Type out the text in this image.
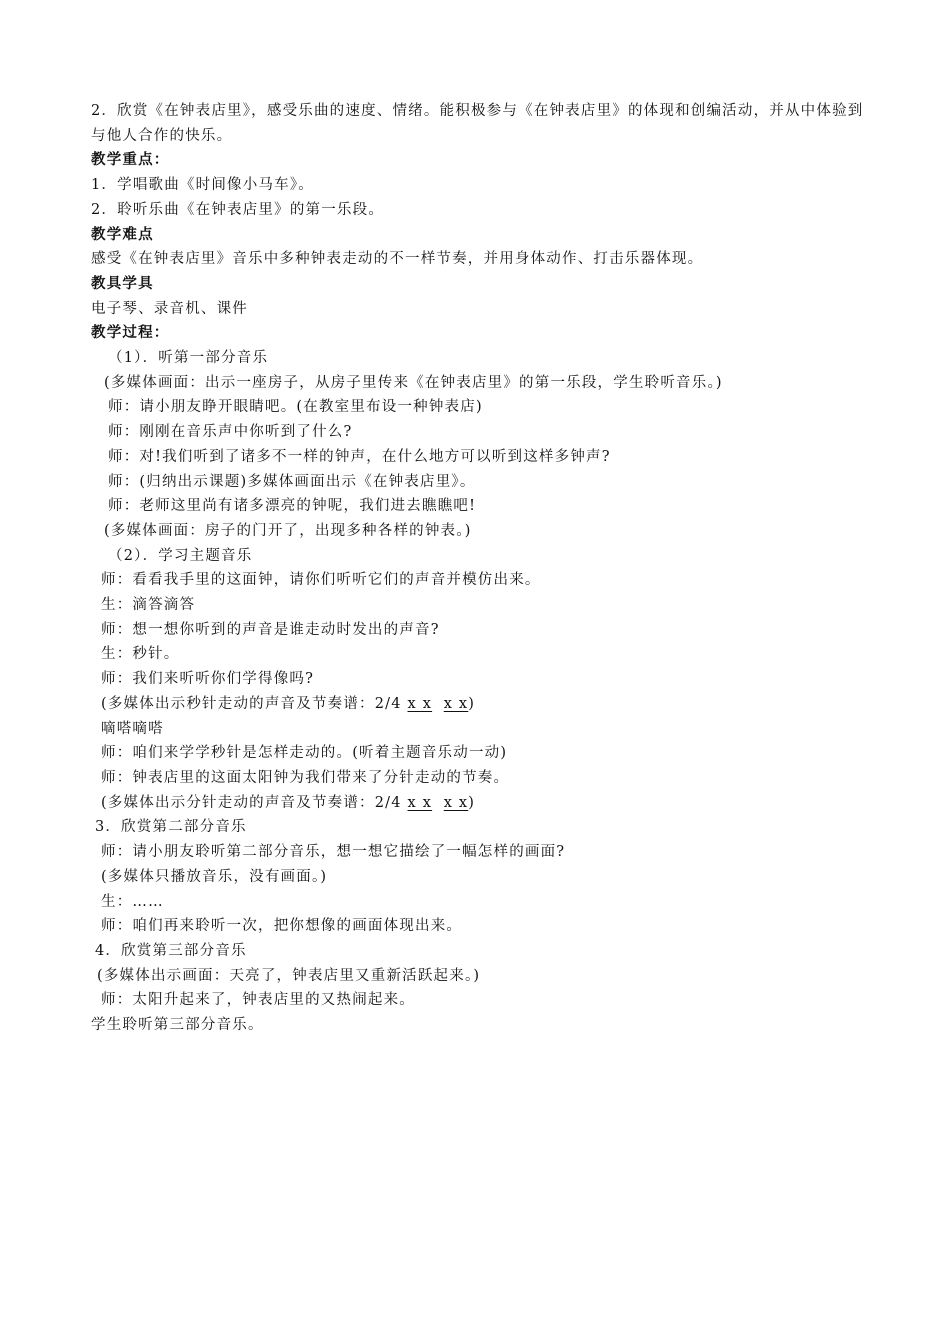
2．欣赏《在钟表店里》，感受乐曲的速度、情绪。能积极参与《在钟表店里》的体现和创编活动，并从中体验到与他人合作的快乐。
教学重点：
1．学唱歌曲《时间像小马车》。
2．聆听乐曲《在钟表店里》的第一乐段。
教学难点
感受《在钟表店里》音乐中多种钟表走动的不一样节奏，并用身体动作、打击乐器体现。
教具学具
电子琴、录音机、课件
教学过程：
（1）．听第一部分音乐
(多媒体画面：出示一座房子，从房子里传来《在钟表店里》的第一乐段，学生聆听音乐。)
师：请小朋友睁开眼睛吧。(在教室里布设一种钟表店)
师：刚刚在音乐声中你听到了什么?
师：对!我们听到了诸多不一样的钟声，在什么地方可以听到这样多钟声?
师：(归纳出示课题)多媒体画面出示《在钟表店里》。
师：老师这里尚有诸多漂亮的钟呢，我们进去瞧瞧吧!
(多媒体画面：房子的门开了，出现多种各样的钟表。)
（2）．学习主题音乐
师：看看我手里的这面钟，请你们听听它们的声音并模仿出来。
生：滴答滴答
师：想一想你听到的声音是谁走动时发出的声音?
生：秒针。
师：我们来听听你们学得像吗?
(多媒体出示秒针走动的声音及节奏谱：2/4 x x x x)
嘀嗒嘀嗒
师：咱们来学学秒针是怎样走动的。(听着主题音乐动一动)
师：钟表店里的这面太阳钟为我们带来了分针走动的节奏。
(多媒体出示分针走动的声音及节奏谱：2/4 x x x x)
3．欣赏第二部分音乐
师：请小朋友聆听第二部分音乐，想一想它描绘了一幅怎样的画面?
(多媒体只播放音乐，没有画面。)
生：……
师：咱们再来聆听一次，把你想像的画面体现出来。
4．欣赏第三部分音乐
(多媒体出示画面：天亮了，钟表店里又重新活跃起来。)
师：太阳升起来了，钟表店里的又热闹起来。
学生聆听第三部分音乐。
